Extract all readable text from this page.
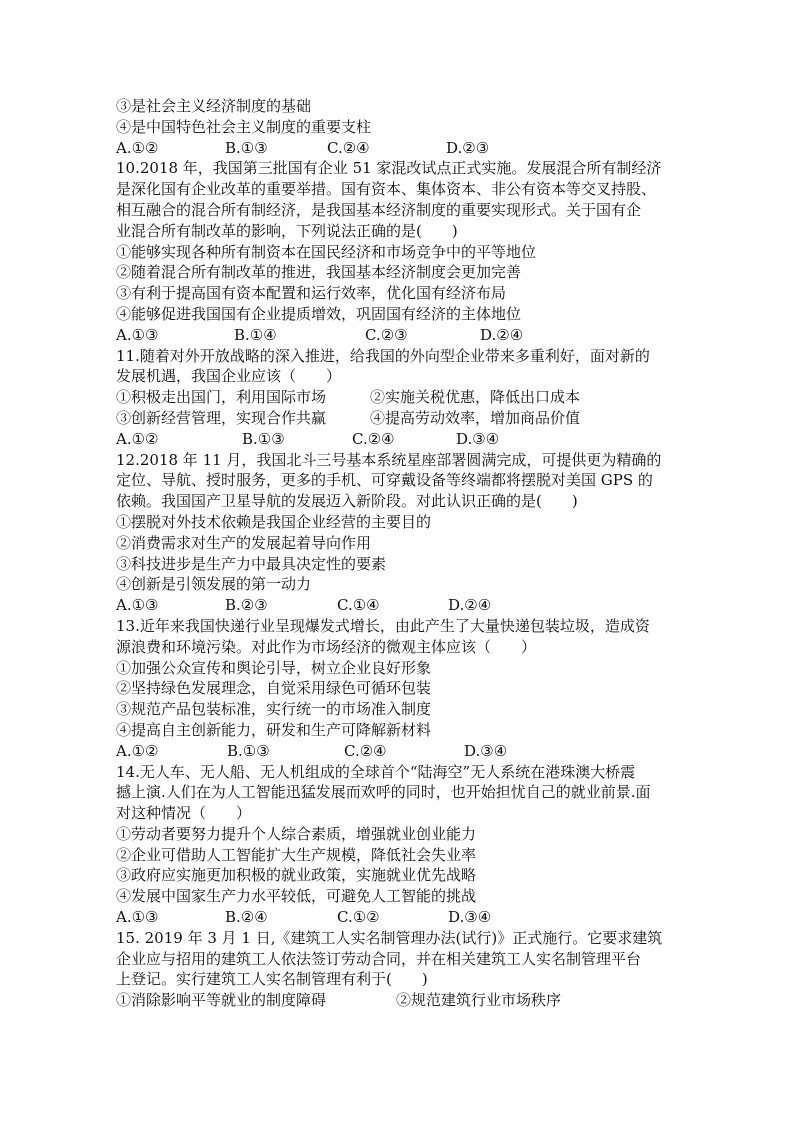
③是社会主义经济制度的基础
④是中国特色社会主义制度的重要支柱
A.①②	B.①③	C.②④	D.②③
10.2018 年，我国第三批国有企业 51 家混改试点正式实施。发展混合所有制经济
是深化国有企业改革的重要举措。国有资本、集体资本、非公有资本等交叉持股、
相互融合的混合所有制经济，是我国基本经济制度的重要实现形式。关于国有企
业混合所有制改革的影响，下列说法正确的是(　　)
①能够实现各种所有制资本在国民经济和市场竞争中的平等地位
②随着混合所有制改革的推进，我国基本经济制度会更加完善
③有利于提高国有资本配置和运行效率，优化国有经济布局
④能够促进我国国有企业提质增效，巩固国有经济的主体地位
A.①③	B.①④	C.②③	D.②④
11.随着对外开放战略的深入推进，给我国的外向型企业带来多重利好，面对新的
发展机遇，我国企业应该（　　）
①积极走出国门，利用国际市场	②实施关税优惠，降低出口成本
③创新经营管理，实现合作共赢	④提高劳动效率，增加商品价值
A.①②	B.①③	C.②④	D.③④
12.2018 年 11 月，我国北斗三号基本系统星座部署圆满完成，可提供更为精确的
定位、导航、授时服务，更多的手机、可穿戴设备等终端都将摆脱对美国 GPS 的
依赖。我国国产卫星导航的发展迈入新阶段。对此认识正确的是(　　)
①摆脱对外技术依赖是我国企业经营的主要目的
②消费需求对生产的发展起着导向作用
③科技进步是生产力中最具决定性的要素
④创新是引领发展的第一动力
A.①③	B.②③	C.①④	D.②④
13.近年来我国快递行业呈现爆发式增长，由此产生了大量快递包装垃圾，造成资
源浪费和环境污染。对此作为市场经济的微观主体应该（　　）
①加强公众宣传和舆论引导，树立企业良好形象
②坚持绿色发展理念，自觉采用绿色可循环包装
③规范产品包装标准，实行统一的市场准入制度
④提高自主创新能力，研发和生产可降解新材料
A.①②	B.①③	C.②④	D.③④
14.无人车、无人船、无人机组成的全球首个“陆海空”无人系统在港珠澳大桥震
撼上演.人们在为人工智能迅猛发展而欢呼的同时，也开始担忧自己的就业前景.面
对这种情况（　　）
①劳动者要努力提升个人综合素质，增强就业创业能力
②企业可借助人工智能扩大生产规模，降低社会失业率
③政府应实施更加积极的就业政策，实施就业优先战略
④发展中国家生产力水平较低，可避免人工智能的挑战
A.①③	B.②④	C.①②	D.③④
15. 2019 年 3 月 1 日,《建筑工人实名制管理办法(试行)》正式施行。它要求建筑
企业应与招用的建筑工人依法签订劳动合同，并在相关建筑工人实名制管理平台
上登记。实行建筑工人实名制管理有利于(　　)
①消除影响平等就业的制度障碍	②规范建筑行业市场秩序
